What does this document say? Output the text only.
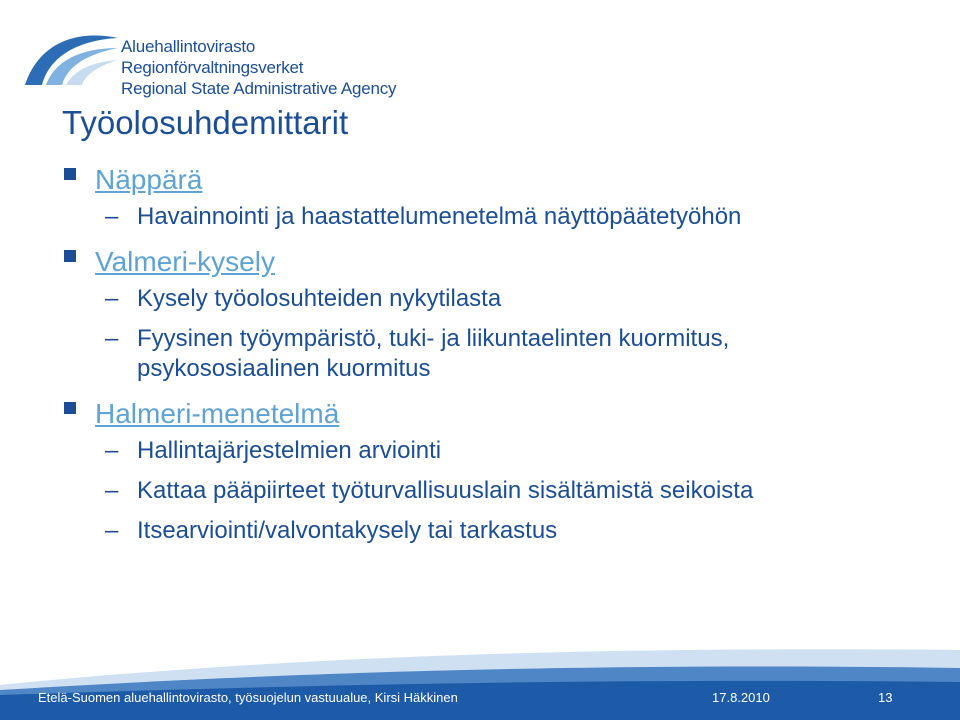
Aluehallintovirasto
Regionförvaltningsverket
Regional State Administrative Agency
Työolosuhdemittarit
Näppärä
– Havainnointi ja haastattelumenetelmä näyttöpäätetyöhön
Valmeri-kysely
– Kysely työolosuhteiden nykytilasta
– Fyysinen työympäristö, tuki- ja liikuntaelinten kuormitus,
psykososiaalinen kuormitus
Halmeri-menetelmä
– Hallintajärjestelmien arviointi
– Kattaa pääpiirteet työturvallisuuslain sisältämistä seikoista
– Itsearviointi/valvontakysely tai tarkastus
Etelä-Suomen aluehallintovirasto, työsuojelun vastuualue, Kirsi Häkkinen	17.8.2010	13
